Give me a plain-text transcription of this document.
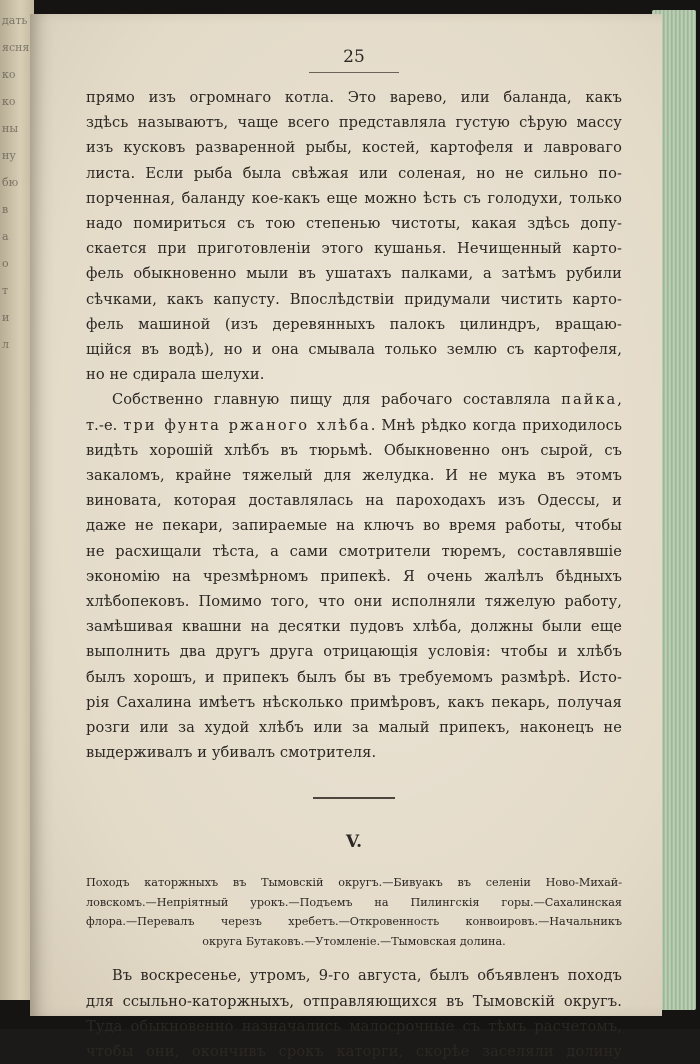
дать
ясня
ко
ко
ны
ну
бю
в
а
о
т
и
л

25

прямо изъ огромнаго котла. Это варево, или баланда, какъ
здѣсь называютъ, чаще всего представляла густую сѣрую массу
изъ кусковъ разваренной рыбы, костей, картофеля и лавроваго
листа. Если рыба была свѣжая или соленая, но не сильно по-
порченная, баланду кое-какъ еще можно ѣсть съ голодухи, только
надо помириться съ тою степенью чистоты, какая здѣсь допу-
скается при приготовленіи этого кушанья. Нечищенный карто-
фель обыкновенно мыли въ ушатахъ палками, а затѣмъ рубили
сѣчками, какъ капусту. Впослѣдствіи придумали чистить карто-
фель машиной (изъ деревянныхъ палокъ цилиндръ, вращаю-
щійся въ водѣ), но и она смывала только землю съ картофеля,
но не сдирала шелухи.

Собственно главную пищу для рабочаго составляла пайка,
т.-е. три фунта ржаного хлѣба. Мнѣ рѣдко когда приходилось
видѣть хорошій хлѣбъ въ тюрьмѣ. Обыкновенно онъ сырой, съ
закаломъ, крайне тяжелый для желудка. И не мука въ этомъ
виновата, которая доставлялась на пароходахъ изъ Одессы, и
даже не пекари, запираемые на ключъ во время работы, чтобы
не расхищали тѣста, а сами смотрители тюремъ, составлявшіе
экономію на чрезмѣрномъ припекѣ. Я очень жалѣлъ бѣдныхъ
хлѣбопековъ. Помимо того, что они исполняли тяжелую работу,
замѣшивая квашни на десятки пудовъ хлѣба, должны были еще
выполнить два другъ друга отрицающія условія: чтобы и хлѣбъ
былъ хорошъ, и припекъ былъ бы въ требуемомъ размѣрѣ. Исто-
рія Сахалина имѣетъ нѣсколько примѣровъ, какъ пекарь, получая
розги или за худой хлѣбъ или за малый припекъ, наконецъ не
выдерживалъ и убивалъ смотрителя.

V.

Походъ каторжныхъ въ Тымовскій округъ.—Бивуакъ въ селеніи Ново-Михай-
ловскомъ.—Непріятный урокъ.—Подъемъ на Пилингскія горы.—Сахалинская
флора.—Перевалъ черезъ хребетъ.—Откровенность конвоировъ.—Начальникъ
округа Бутаковъ.—Утомленіе.—Тымовская долина.

Въ воскресенье, утромъ, 9-го августа, былъ объявленъ походъ
для ссыльно-каторжныхъ, отправляющихся въ Тымовскій округъ.
Туда обыкновенно назначались малосрочные съ тѣмъ расчетомъ,
чтобы они, окончивъ срокъ каторги, скорѣе заселяли долину
